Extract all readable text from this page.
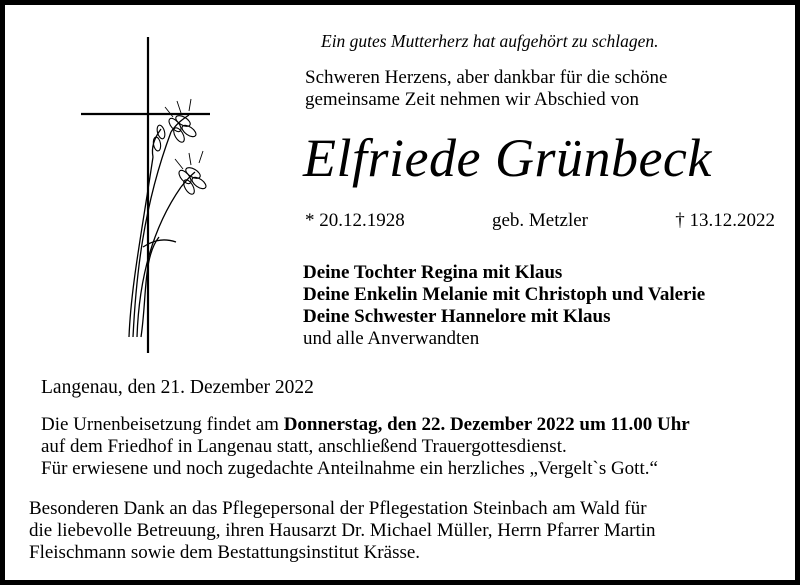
Ein gutes Mutterherz hat aufgehört zu schlagen.
Schweren Herzens, aber dankbar für die schöne
gemeinsame Zeit nehmen wir Abschied von
Elfriede Grünbeck
* 20.12.1928	geb. Metzler	† 13.12.2022
Deine Tochter Regina mit Klaus
Deine Enkelin Melanie mit Christoph und Valerie
Deine Schwester Hannelore mit Klaus
und alle Anverwandten
Langenau, den 21. Dezember 2022
Die Urnenbeisetzung findet am Donnerstag, den 22. Dezember 2022 um 11.00 Uhr
auf dem Friedhof in Langenau statt, anschließend Trauergottesdienst.
Für erwiesene und noch zugedachte Anteilnahme ein herzliches „Vergelt`s Gott.“
Besonderen Dank an das Pflegepersonal der Pflegestation Steinbach am Wald für
die liebevolle Betreuung, ihren Hausarzt Dr. Michael Müller, Herrn Pfarrer Martin
Fleischmann sowie dem Bestattungsinstitut Krässe.
